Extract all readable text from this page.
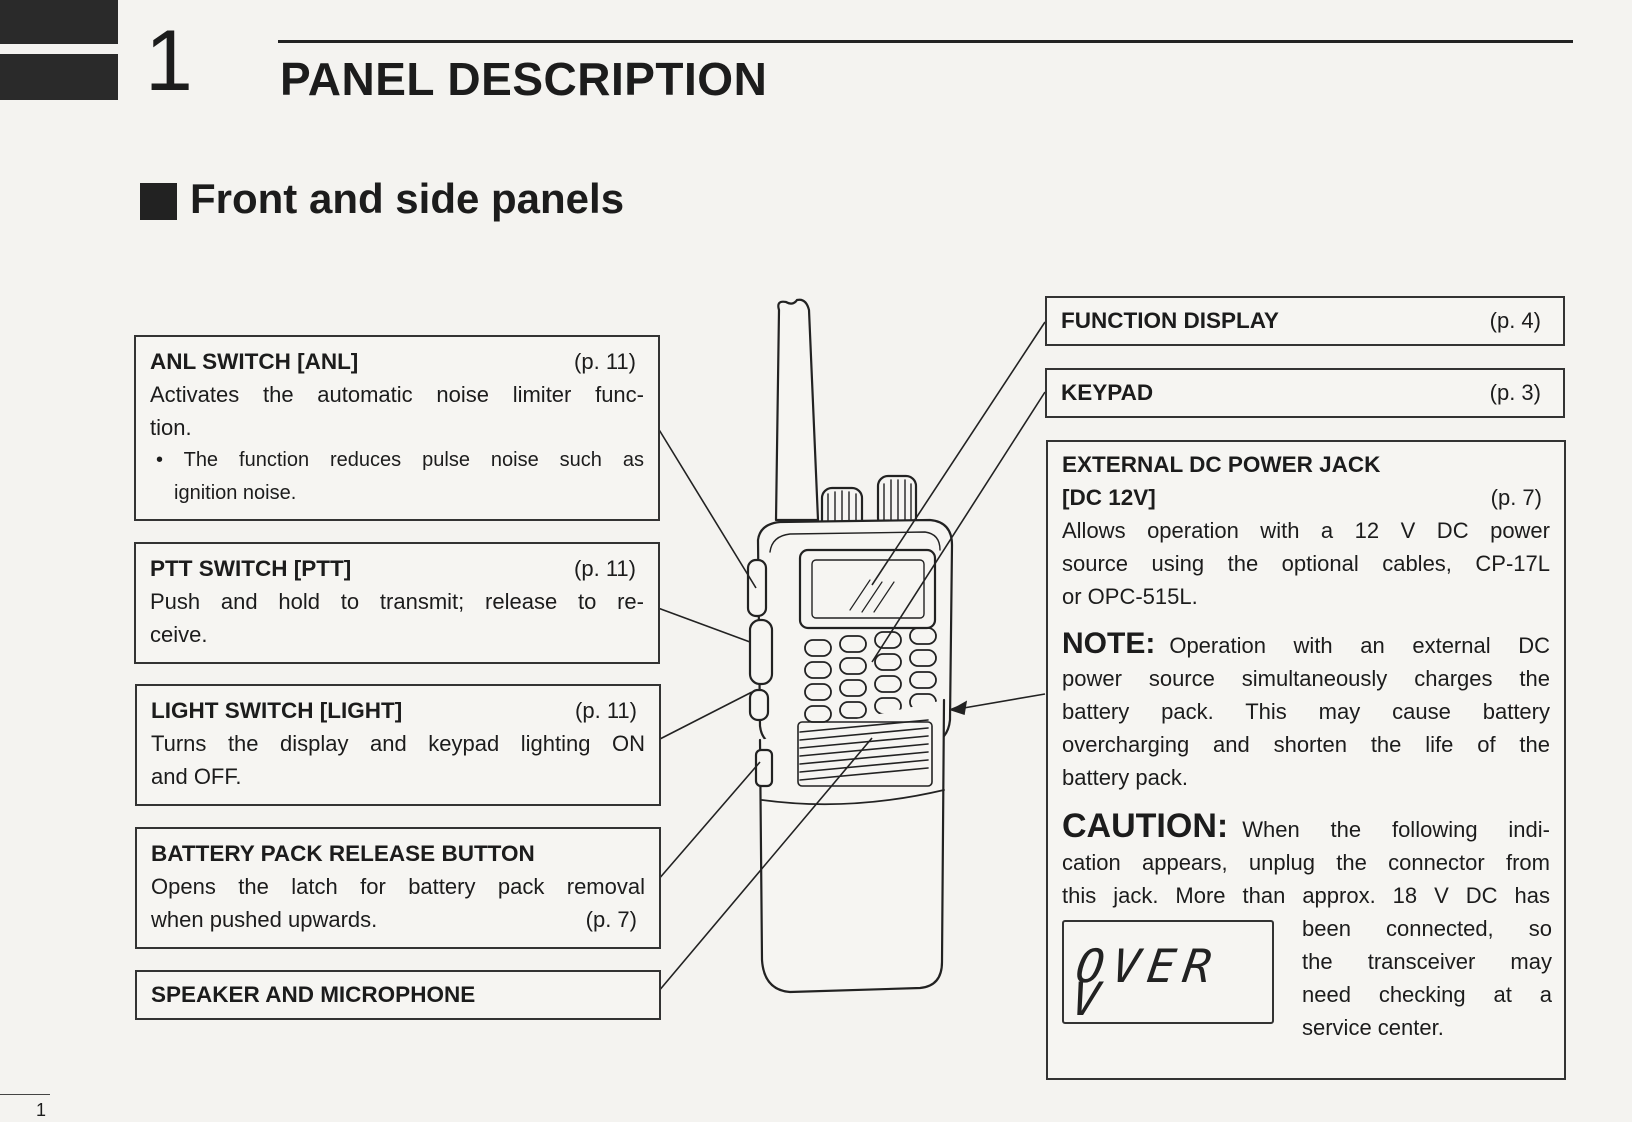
1 PANEL DESCRIPTION
Front and side panels
ANL SWITCH [ANL]	(p. 11)
Activates the automatic noise limiter func-
tion.
• The function reduces pulse noise such as
ignition noise.
PTT SWITCH [PTT]	(p. 11)
Push and hold to transmit; release to re-
ceive.
LIGHT SWITCH [LIGHT]	(p. 11)
Turns the display and keypad lighting ON
and OFF.
BATTERY PACK RELEASE BUTTON
Opens the latch for battery pack removal
when pushed upwards.	(p. 7)
SPEAKER AND MICROPHONE
FUNCTION DISPLAY	(p. 4)
KEYPAD	(p. 3)
EXTERNAL DC POWER JACK
[DC 12V]	(p. 7)
Allows operation with a 12 V DC power
source using the optional cables, CP-17L
or OPC-515L.
NOTE: Operation with an external DC
power source simultaneously charges the
battery pack. This may cause battery
overcharging and shorten the life of the
battery pack.
CAUTION: When the following indi-
cation appears, unplug the connector from
this jack. More than approx. 18 V DC has
OVER V
been connected, so
the transceiver may
need checking at a
service center.
1
